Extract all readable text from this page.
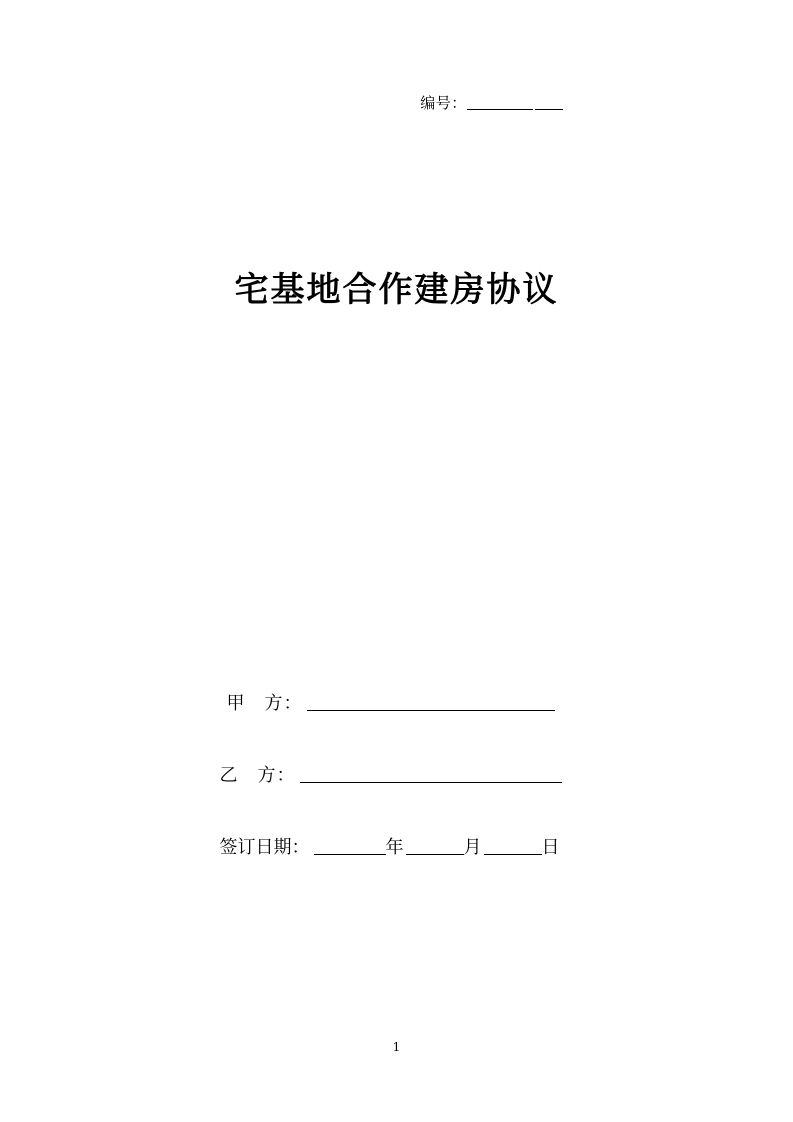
编号：
宅基地合作建房协议
甲　方：
乙　方：
签订日期：	年	月	日
1
